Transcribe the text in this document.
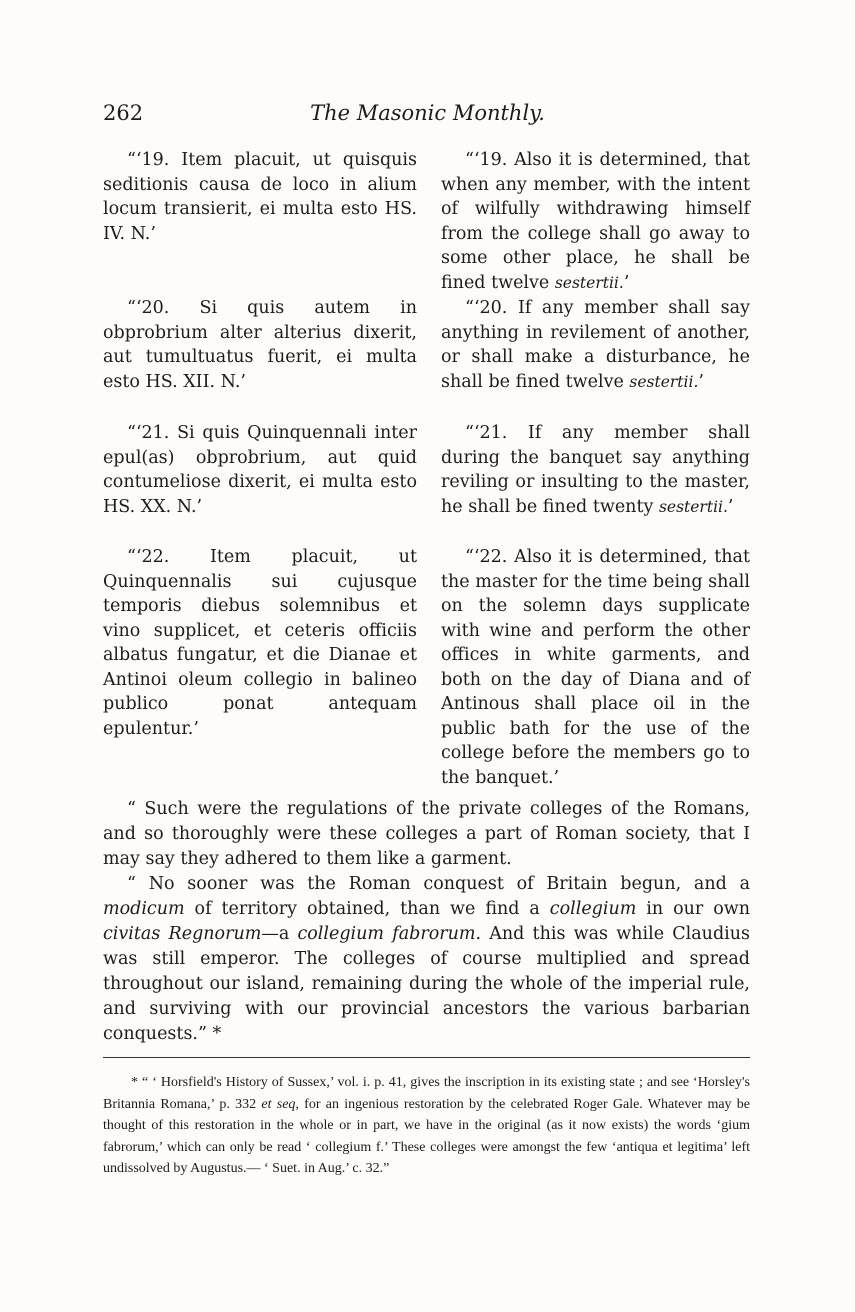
262	The Masonic Monthly.

“‘19. Item placuit, ut quisquis seditionis causa de loco in alium locum transierit, ei multa esto HS. IV. N.’

“‘20. Si quis autem in obprobrium alter alterius dixerit, aut tumultuatus fuerit, ei multa esto HS. XII. N.’

“‘21. Si quis Quinquennali inter epul(as) obprobrium, aut quid contumeliose dixerit, ei multa esto HS. XX. N.’

“‘22. Item placuit, ut Quinquennalis sui cujusque temporis diebus solemnibus et vino supplicet, et ceteris officiis albatus fungatur, et die Dianae et Antinoi oleum collegio in balineo publico ponat antequam epulentur.’

“‘19. Also it is determined, that when any member, with the intent of wilfully withdrawing himself from the college shall go away to some other place, he shall be fined twelve sestertii.’

“‘20. If any member shall say anything in revilement of another, or shall make a disturbance, he shall be fined twelve sestertii.’

“‘21. If any member shall during the banquet say anything reviling or insulting to the master, he shall be fined twenty sestertii.’

“‘22. Also it is determined, that the master for the time being shall on the solemn days supplicate with wine and perform the other offices in white garments, and both on the day of Diana and of Antinous shall place oil in the public bath for the use of the college before the members go to the banquet.’

“ Such were the regulations of the private colleges of the Romans, and so thoroughly were these colleges a part of Roman society, that I may say they adhered to them like a garment.

“ No sooner was the Roman conquest of Britain begun, and a modicum of territory obtained, than we find a collegium in our own civitas Regnorum—a collegium fabrorum. And this was while Claudius was still emperor. The colleges of course multiplied and spread throughout our island, remaining during the whole of the imperial rule, and surviving with our provincial ancestors the various barbarian conquests.” *

* “ ‘ Horsfield's History of Sussex,’ vol. i. p. 41, gives the inscription in its existing state ; and see ‘Horsley's Britannia Romana,’ p. 332 et seq, for an ingenious restoration by the celebrated Roger Gale. Whatever may be thought of this restoration in the whole or in part, we have in the original (as it now exists) the words ‘gium fabrorum,’ which can only be read ‘ collegium f.’ These colleges were amongst the few ‘antiqua et legitima’ left undissolved by Augustus.— ‘ Suet. in Aug.’ c. 32.”
